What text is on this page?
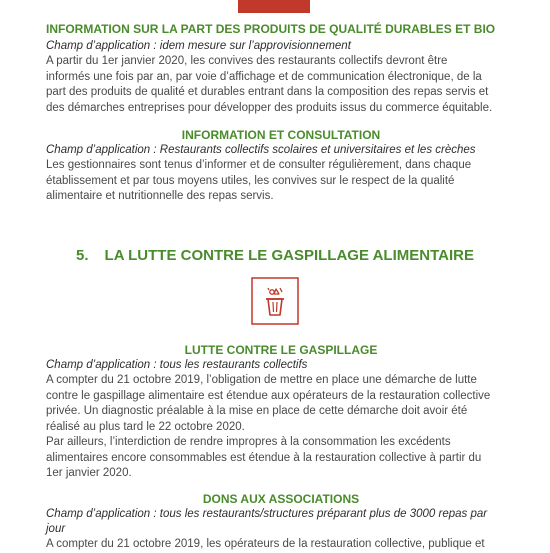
INFORMATION SUR LA PART DES PRODUITS DE QUALITÉ DURABLES ET BIO
Champ d’application : idem mesure sur l’approvisionnement

A partir du 1er janvier 2020, les convives des restaurants collectifs devront être

informés une fois par an, par voie d’affichage et de communication électronique, de la

part des produits de qualité et durables entrant dans la composition des repas servis et

des démarches entreprises pour développer des produits issus du commerce équitable.

INFORMATION ET CONSULTATION
Champ d’application : Restaurants collectifs scolaires et universitaires et les crèches

Les gestionnaires sont tenus d’informer et de consulter régulièrement, dans chaque

établissement et par tous moyens utiles, les convives sur le respect de la qualité

alimentaire et nutritionnelle des repas servis.

5. LA LUTTE CONTRE LE GASPILLAGE ALIMENTAIRE
LUTTE CONTRE LE GASPILLAGE
Champ d’application : tous les restaurants collectifs

A compter du 21 octobre 2019, l’obligation de mettre en place une démarche de lutte

contre le gaspillage alimentaire est étendue aux opérateurs de la restauration collective

privée. Un diagnostic préalable à la mise en place de cette démarche doit avoir été

réalisé au plus tard le 22 octobre 2020.

Par ailleurs, l’interdiction de rendre impropres à la consommation les excédents

alimentaires encore consommables est étendue à la restauration collective à partir du

1er janvier 2020.

DONS AUX ASSOCIATIONS
Champ d’application : tous les restaurants/structures préparant plus de 3000 repas par
jour

A compter du 21 octobre 2019, les opérateurs de la restauration collective, publique et
